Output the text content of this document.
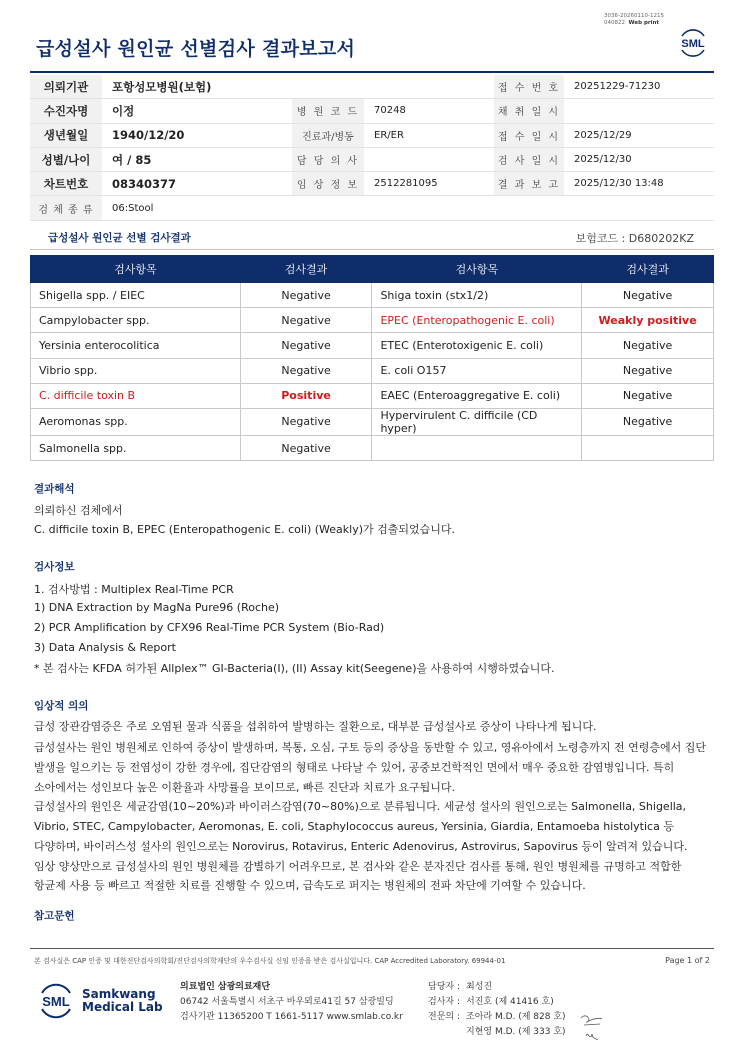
3036-20260110-1215
040822 Web print
급성설사 원인균 선별검사 결과보고서	SML
의뢰기관	포항성모병원(보험)			접 수 번 호	20251229-71230
수진자명	이정	병 원 코 드	70248	채 취 일 시	
생년월일	1940/12/20	진료과/병동	ER/ER	접 수 일 시	2025/12/29
성별/나이	여 / 85	담 당 의 사		검 사 일 시	2025/12/30
차트번호	08340377	임 상 정 보	2512281095	결 과 보 고	2025/12/30 13:48
검 체 종 류	06:Stool				
급성설사 원인균 선별 검사결과	보험코드 : D680202KZ
검사항목	검사결과	검사항목	검사결과
Shigella spp. / EIEC	Negative	Shiga toxin (stx1/2)	Negative
Campylobacter spp.	Negative	EPEC (Enteropathogenic E. coli)	Weakly positive
Yersinia enterocolitica	Negative	ETEC (Enterotoxigenic E. coli)	Negative
Vibrio spp.	Negative	E. coli O157	Negative
C. difficile toxin B	Positive	EAEC (Enteroaggregative E. coli)	Negative
Aeromonas spp.	Negative	Hypervirulent C. difficile (CD hyper)	Negative
Salmonella spp.	Negative		
결과해석
의뢰하신 검체에서
C. difficile toxin B, EPEC (Enteropathogenic E. coli) (Weakly)가 검출되었습니다.
검사정보
1. 검사방법 : Multiplex Real-Time PCR
1) DNA Extraction by MagNa Pure96 (Roche)
2) PCR Amplification by CFX96 Real-Time PCR System (Bio-Rad)
3) Data Analysis & Report
* 본 검사는 KFDA 허가된 Allplex™ GI-Bacteria(I), (II) Assay kit(Seegene)을 사용하여 시행하였습니다.
임상적 의의
급성 장관감염증은 주로 오염된 물과 식품을 섭취하여 발병하는 질환으로, 대부분 급성설사로 증상이 나타나게 됩니다.
급성설사는 원인 병원체로 인하여 증상이 발생하며, 복통, 오심, 구토 등의 증상을 동반할 수 있고, 영유아에서 노령층까지 전 연령층에서 집단
발생을 일으키는 등 전염성이 강한 경우에, 집단감염의 형태로 나타날 수 있어, 공중보건학적인 면에서 매우 중요한 감염병입니다. 특히
소아에서는 성인보다 높은 이환율과 사망률을 보이므로, 빠른 진단과 치료가 요구됩니다.
급성설사의 원인은 세균감염(10~20%)과 바이러스감염(70~80%)으로 분류됩니다. 세균성 설사의 원인으로는 Salmonella, Shigella,
Vibrio, STEC, Campylobacter, Aeromonas, E. coli, Staphylococcus aureus, Yersinia, Giardia, Entamoeba histolytica 등
다양하며, 바이러스성 설사의 원인으로는 Norovirus, Rotavirus, Enteric Adenovirus, Astrovirus, Sapovirus 등이 알려져 있습니다.
임상 양상만으로 급성설사의 원인 병원체를 감별하기 어려우므로, 본 검사와 같은 분자진단 검사를 통해, 원인 병원체를 규명하고 적합한
항균제 사용 등 빠르고 적절한 치료를 진행할 수 있으며, 급속도로 퍼지는 병원체의 전파 차단에 기여할 수 있습니다.
참고문헌
본 검사실은 CAP 인증 및 대한진단검사의학회/진단검사의학재단의 우수검사실 신임 인증을 받은 검사실입니다. CAP Accredited Laboratory. 69944-01	Page 1 of 2
SML Samkwang
Medical Lab
의료법인 삼광의료재단
06742 서울특별시 서초구 바우뫼로41길 57 삼광빌딩
검사기관 11365200 T 1661-5117 www.smlab.co.kr
담당자 : 최성진
검사자 : 서진호 (제 41416 호)
전문의 : 조아라 M.D. (제 828 호)
지현영 M.D. (제 333 호)
